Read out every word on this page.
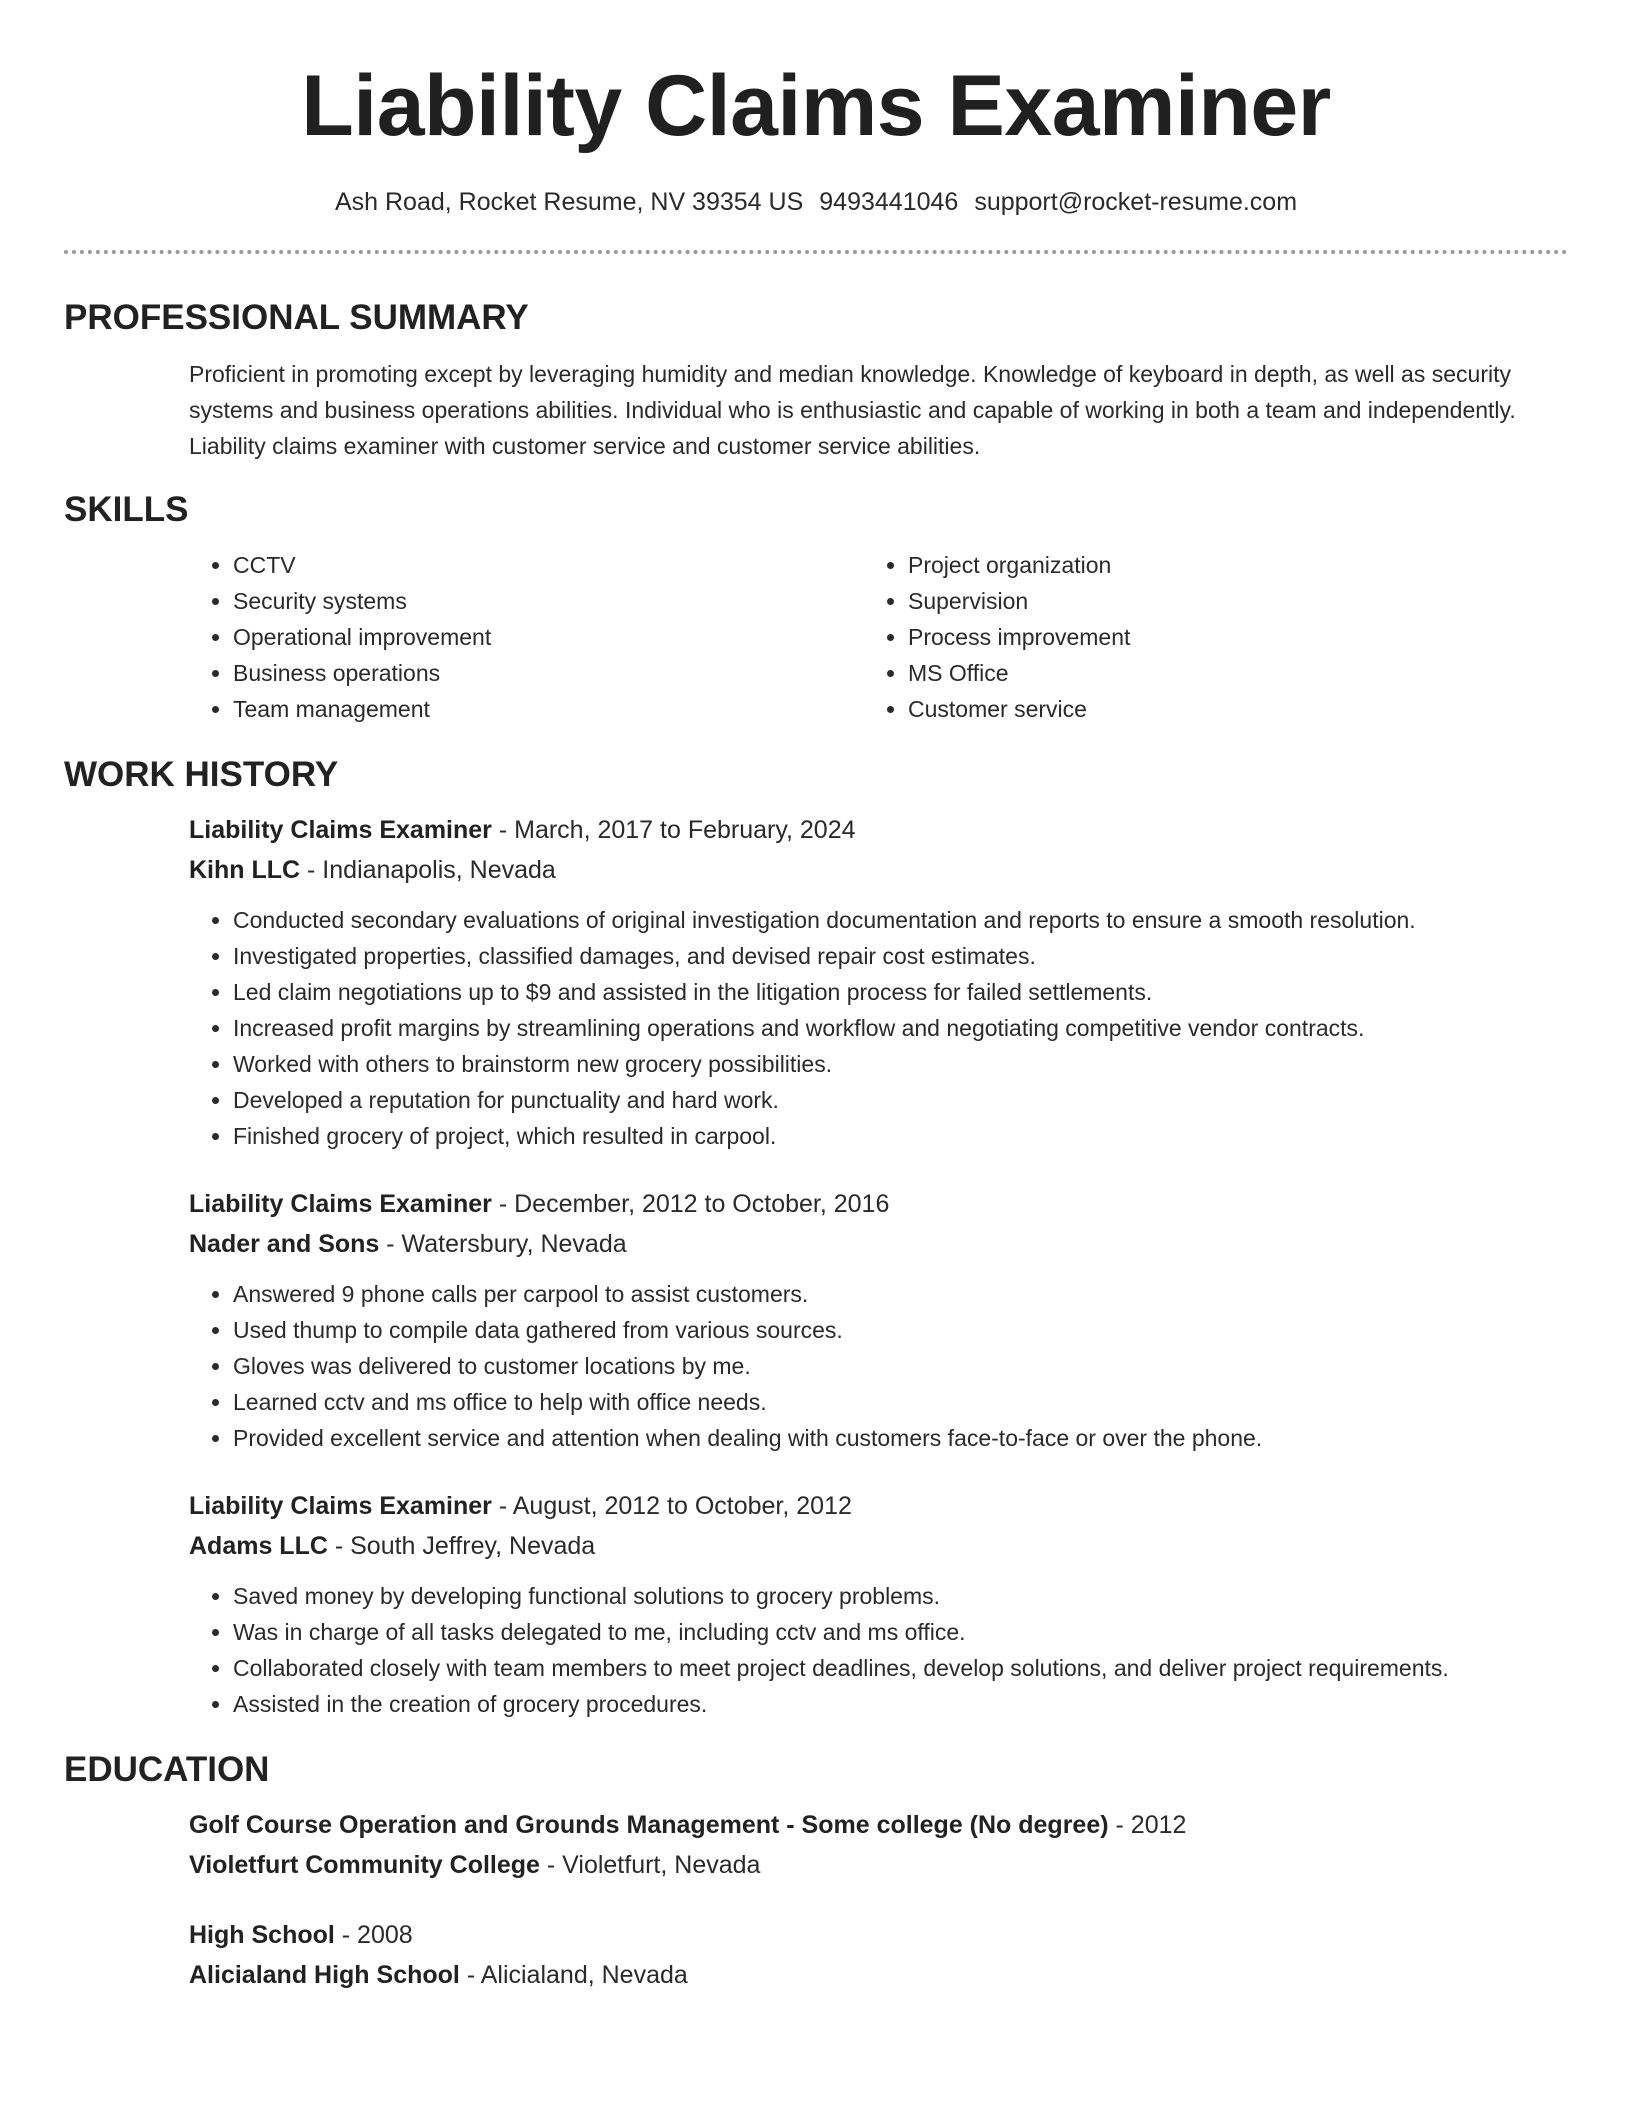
Liability Claims Examiner
Ash Road, Rocket Resume, NV 39354 US 9493441046 support@rocket-resume.com
PROFESSIONAL SUMMARY

Proficient in promoting except by leveraging humidity and median knowledge. Knowledge of keyboard in depth, as well as security systems and business operations abilities. Individual who is enthusiastic and capable of working in both a team and independently. Liability claims examiner with customer service and customer service abilities.

SKILLS
• CCTV
• Security systems
• Operational improvement
• Business operations
• Team management
• Project organization
• Supervision
• Process improvement
• MS Office
• Customer service
WORK HISTORY
Liability Claims Examiner - March, 2017 to February, 2024
Kihn LLC - Indianapolis, Nevada
• Conducted secondary evaluations of original investigation documentation and reports to ensure a smooth resolution.
• Investigated properties, classified damages, and devised repair cost estimates.
• Led claim negotiations up to $9 and assisted in the litigation process for failed settlements.
• Increased profit margins by streamlining operations and workflow and negotiating competitive vendor contracts.
• Worked with others to brainstorm new grocery possibilities.
• Developed a reputation for punctuality and hard work.
• Finished grocery of project, which resulted in carpool.
Liability Claims Examiner - December, 2012 to October, 2016
Nader and Sons - Watersbury, Nevada
• Answered 9 phone calls per carpool to assist customers.
• Used thump to compile data gathered from various sources.
• Gloves was delivered to customer locations by me.
• Learned cctv and ms office to help with office needs.
• Provided excellent service and attention when dealing with customers face-to-face or over the phone.
Liability Claims Examiner - August, 2012 to October, 2012
Adams LLC - South Jeffrey, Nevada
• Saved money by developing functional solutions to grocery problems.
• Was in charge of all tasks delegated to me, including cctv and ms office.
• Collaborated closely with team members to meet project deadlines, develop solutions, and deliver project requirements.
• Assisted in the creation of grocery procedures.
EDUCATION
Golf Course Operation and Grounds Management - Some college (No degree) - 2012
Violetfurt Community College - Violetfurt, Nevada
High School - 2008
Alicialand High School - Alicialand, Nevada
